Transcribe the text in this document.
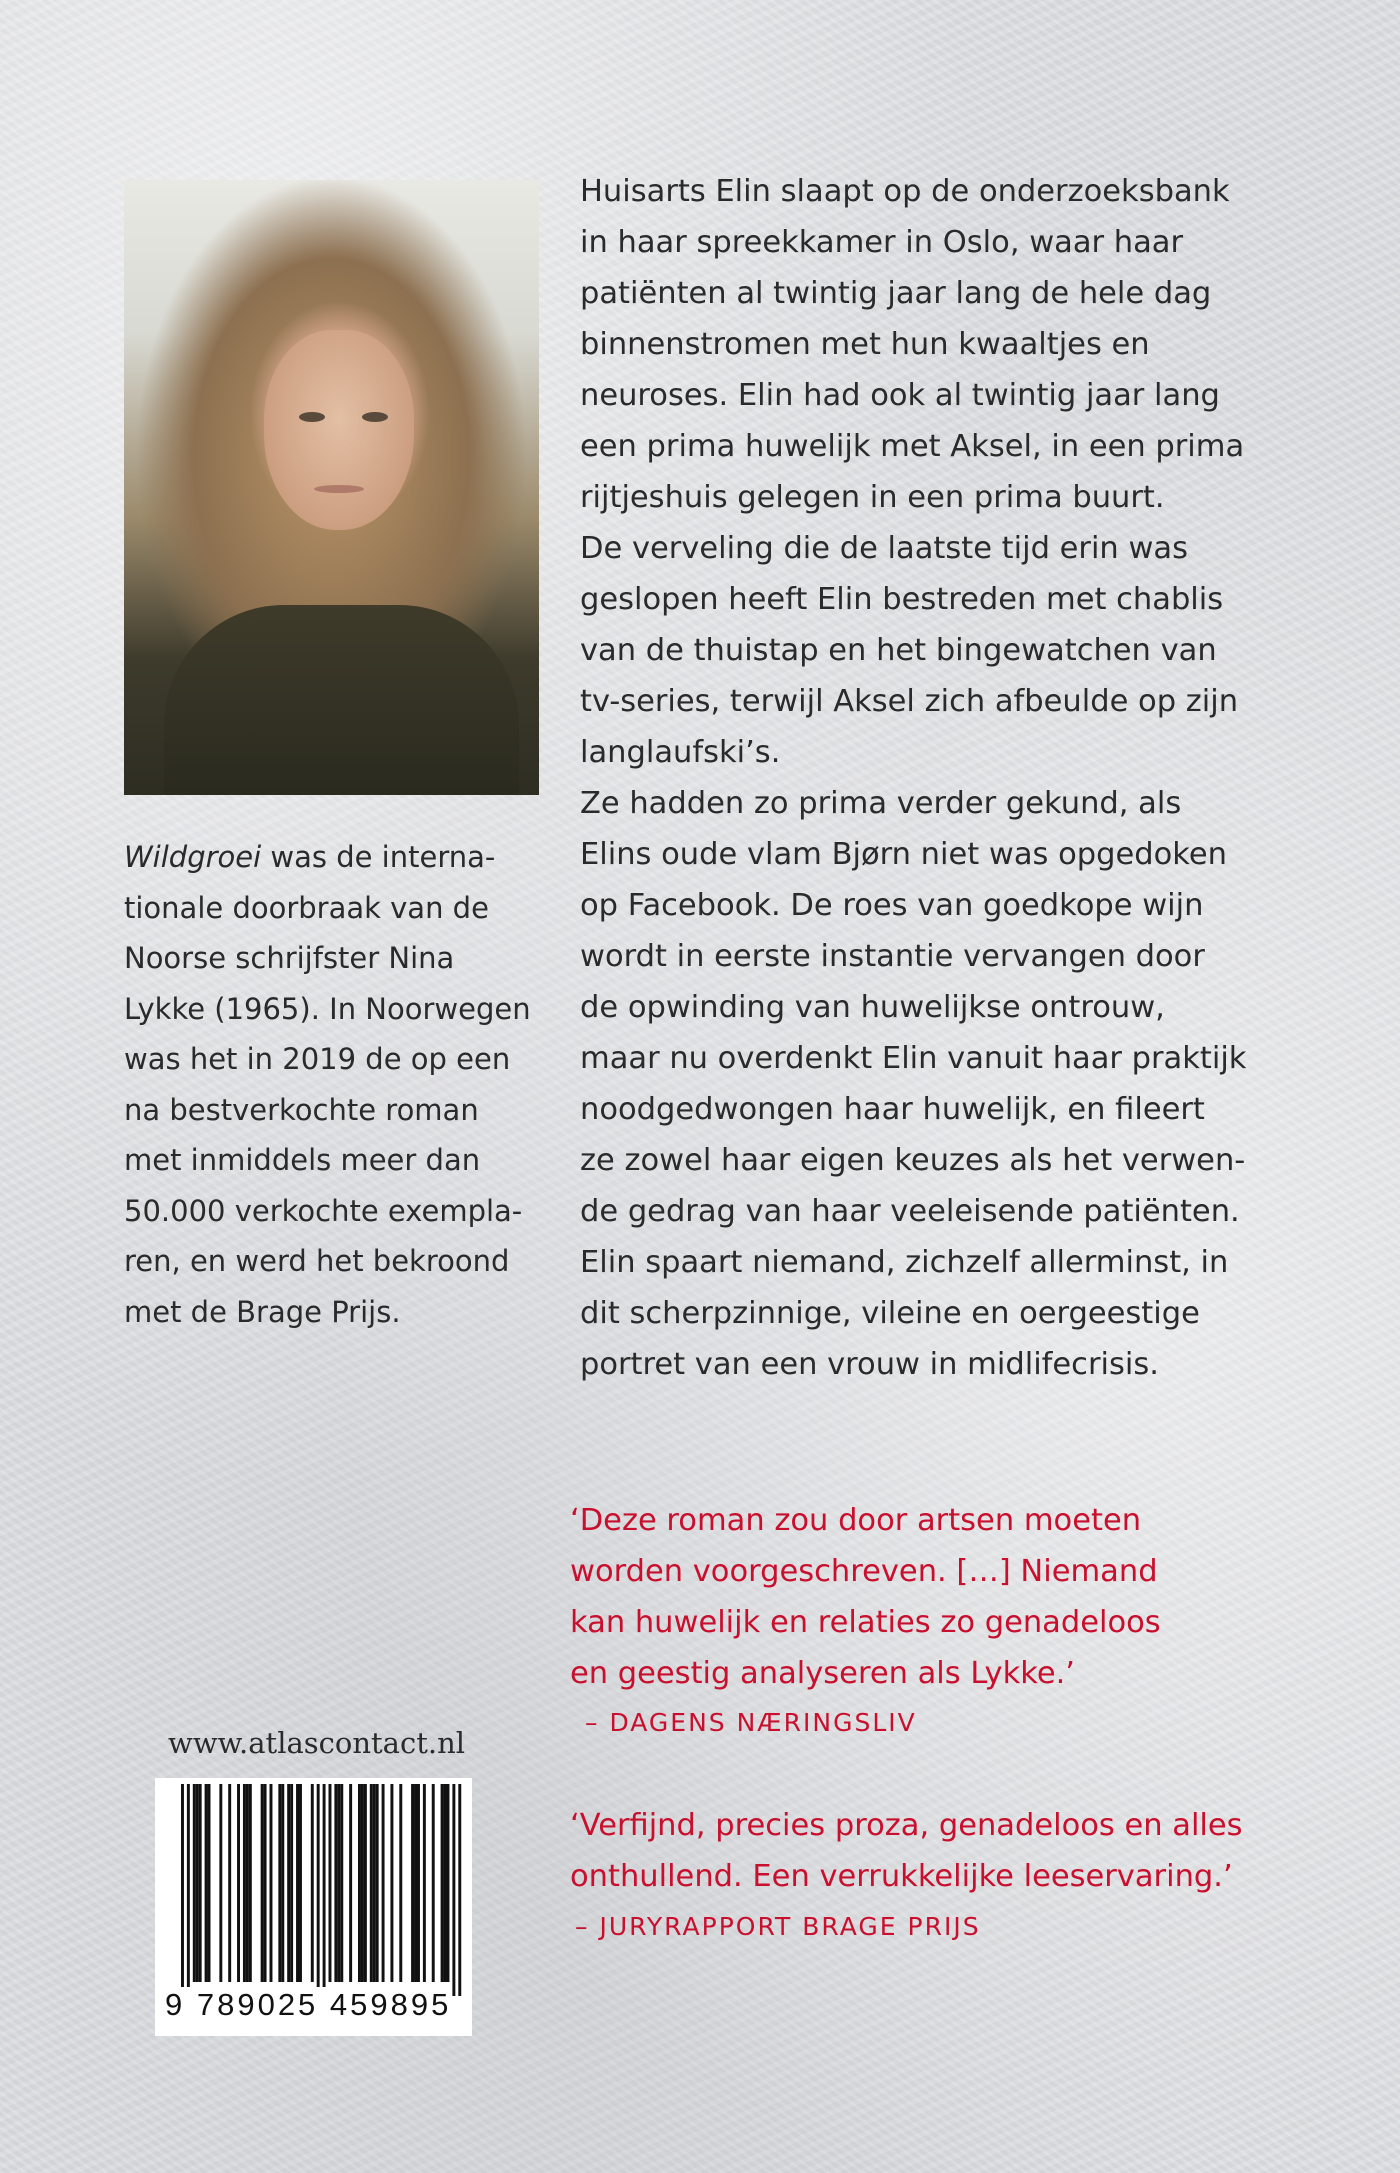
Wildgroei was de interna-
tionale doorbraak van de
Noorse schrijfster Nina
Lykke (1965). In Noorwegen
was het in 2019 de op een
na bestverkochte roman
met inmiddels meer dan
50.000 verkochte exempla-
ren, en werd het bekroond
met de Brage Prijs.
Huisarts Elin slaapt op de onderzoeksbank
in haar spreekkamer in Oslo, waar haar
patiënten al twintig jaar lang de hele dag
binnenstromen met hun kwaaltjes en
neuroses. Elin had ook al twintig jaar lang
een prima huwelijk met Aksel, in een prima
rijtjeshuis gelegen in een prima buurt.
De verveling die de laatste tijd erin was
geslopen heeft Elin bestreden met chablis
van de thuistap en het bingewatchen van
tv-series, terwijl Aksel zich afbeulde op zijn
langlaufski’s.
Ze hadden zo prima verder gekund, als
Elins oude vlam Bjørn niet was opgedoken
op Facebook. De roes van goedkope wijn
wordt in eerste instantie vervangen door
de opwinding van huwelijkse ontrouw,
maar nu overdenkt Elin vanuit haar praktijk
noodgedwongen haar huwelijk, en fileert
ze zowel haar eigen keuzes als het verwen-
de gedrag van haar veeleisende patiënten.
Elin spaart niemand, zichzelf allerminst, in
dit scherpzinnige, vileine en oergeestige
portret van een vrouw in midlifecrisis.
‘Deze roman zou door artsen moeten
worden voorgeschreven. […] Niemand
kan huwelijk en relaties zo genadeloos
en geestig analyseren als Lykke.’
– DAGENS NÆRINGSLIV
‘Verfijnd, precies proza, genadeloos en alles
onthullend. Een verrukkelijke leeservaring.’
– JURYRAPPORT BRAGE PRIJS
www.atlascontact.nl
9 789025 459895
